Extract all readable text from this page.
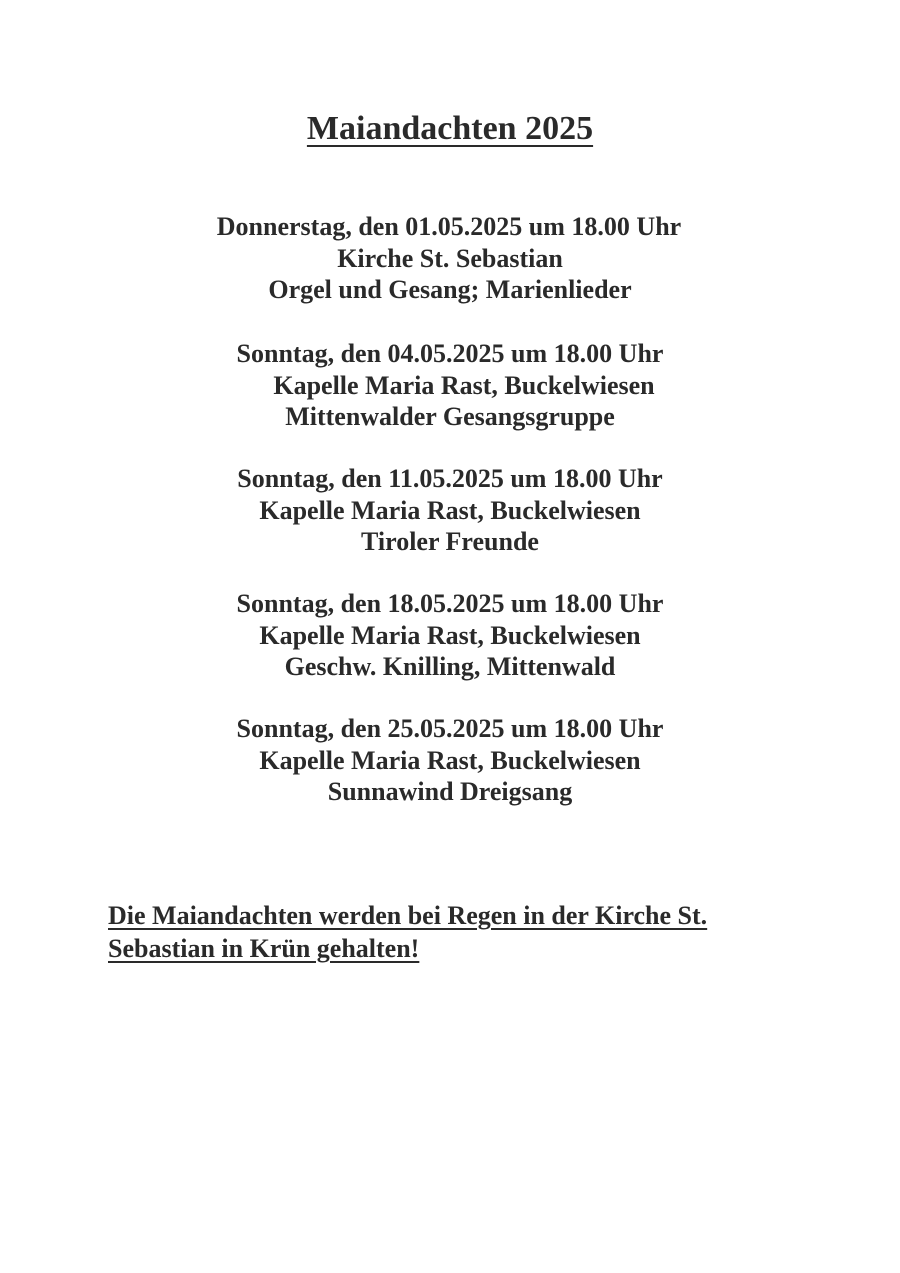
Maiandachten 2025
Donnerstag, den 01.05.2025 um 18.00 Uhr
Kirche St. Sebastian
Orgel und Gesang; Marienlieder
Sonntag, den 04.05.2025 um 18.00 Uhr
Kapelle Maria Rast, Buckelwiesen
Mittenwalder Gesangsgruppe
Sonntag, den 11.05.2025 um 18.00 Uhr
Kapelle Maria Rast, Buckelwiesen
Tiroler Freunde
Sonntag, den 18.05.2025 um 18.00 Uhr
Kapelle Maria Rast, Buckelwiesen
Geschw. Knilling, Mittenwald
Sonntag, den 25.05.2025 um 18.00 Uhr
Kapelle Maria Rast, Buckelwiesen
Sunnawind Dreigsang
Die Maiandachten werden bei Regen in der Kirche St.
Sebastian in Krün gehalten!
